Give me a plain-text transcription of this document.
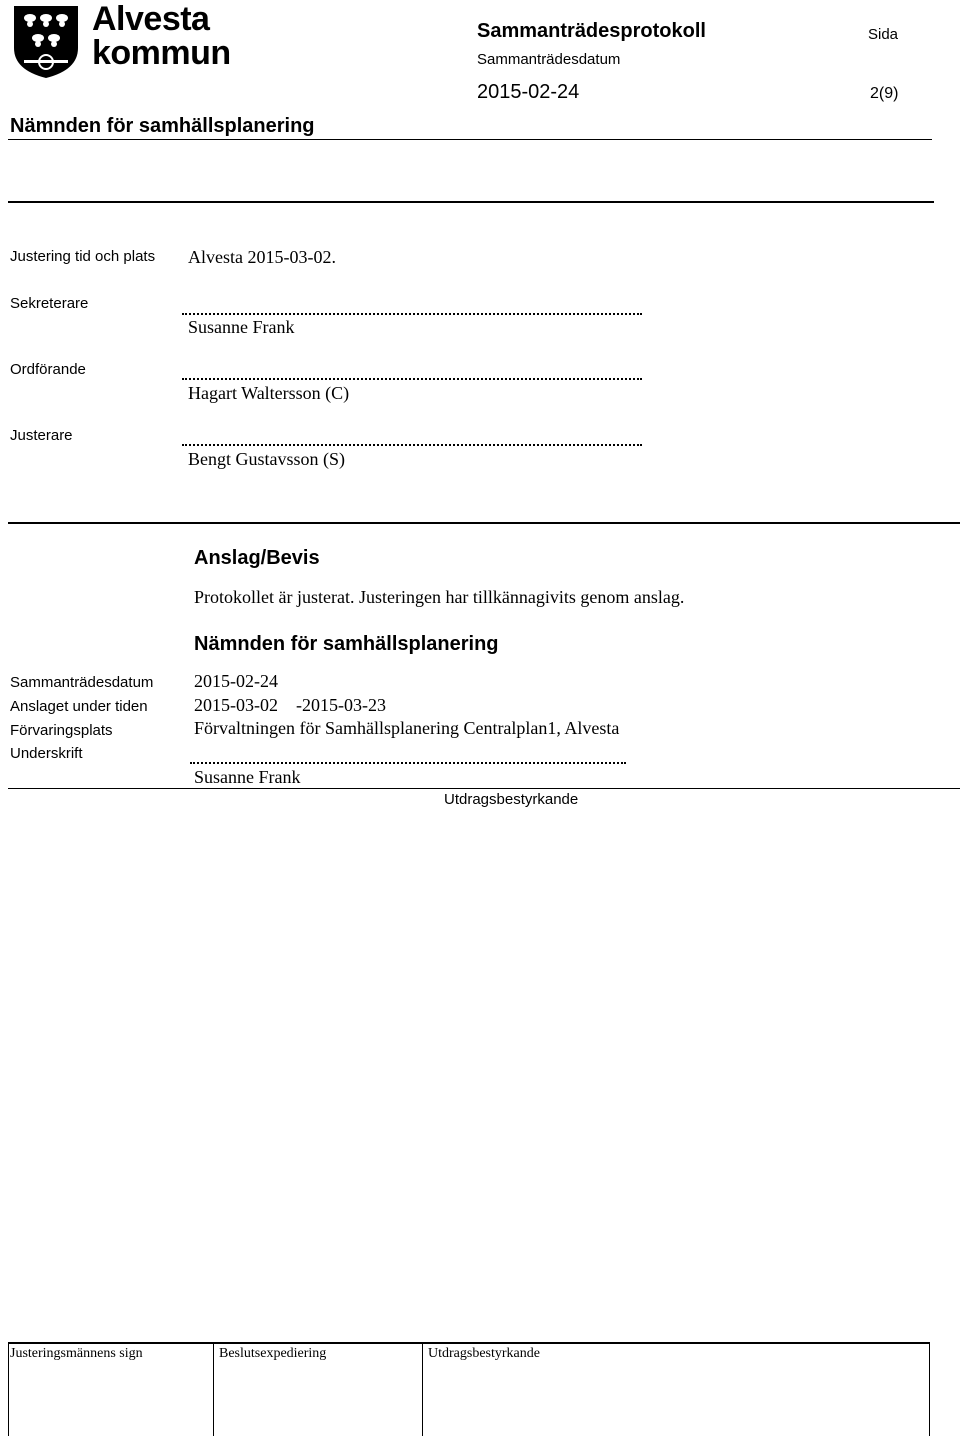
Alvesta
kommun
Sammanträdesprotokoll	Sida
Sammanträdesdatum
2015-02-24	2(9)
Nämnden för samhällsplanering
Justering tid och plats Alvesta 2015-03-02.
Sekreterare
Susanne Frank
Ordförande
Hagart Waltersson (C)
Justerare
Bengt Gustavsson (S)
Anslag/Bevis
Protokollet är justerat. Justeringen har tillkännagivits genom anslag.
Nämnden för samhällsplanering
Sammanträdesdatum 2015-02-24
Anslaget under tiden	2015-03-02    -2015-03-23
Förvaringsplats	Förvaltningen för Samhällsplanering Centralplan1, Alvesta
Underskrift
Susanne Frank
Utdragsbestyrkande
Justeringsmännens sign	Beslutsexpediering	Utdragsbestyrkande
